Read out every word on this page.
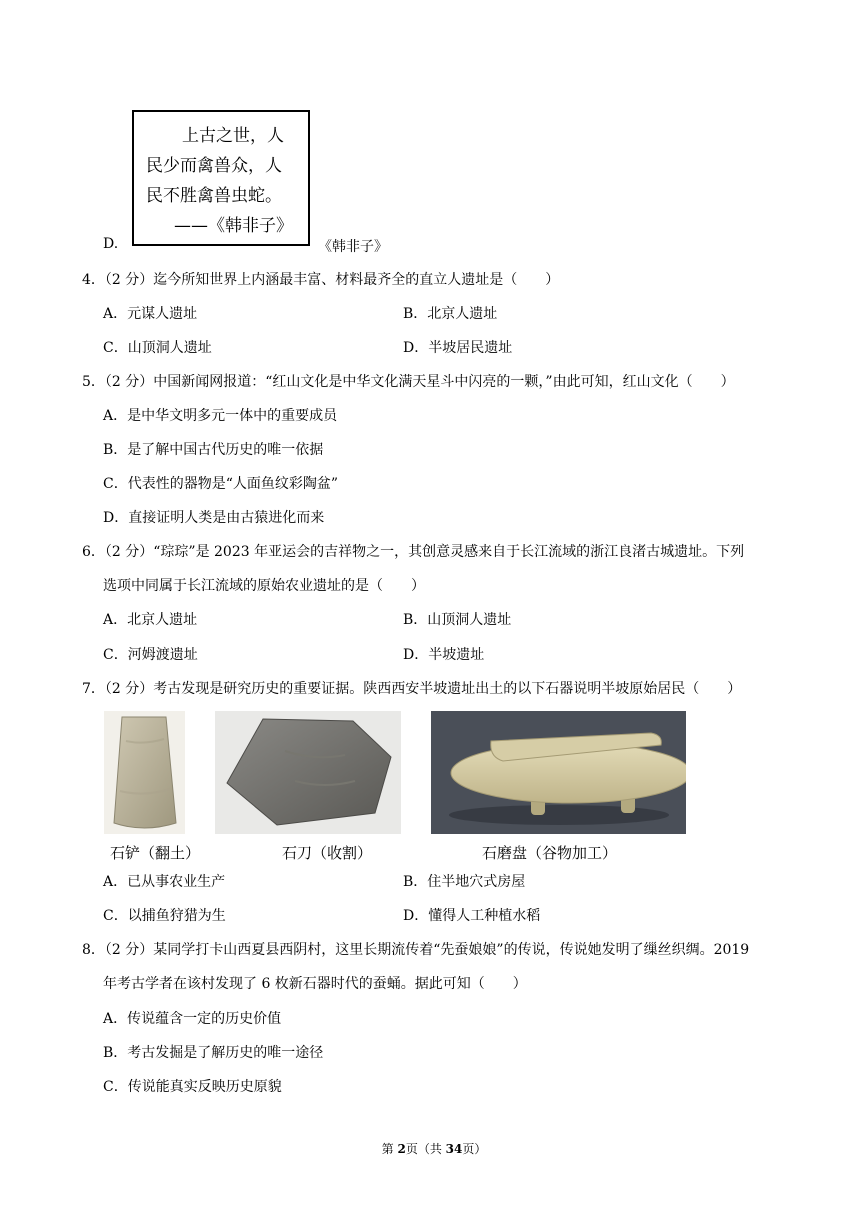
D.
上古之世，人
民少而禽兽众，人
民不胜禽兽虫蛇。
——《韩非子》
《韩非子》
4．（2 分）迄今所知世界上内涵最丰富、材料最齐全的直立人遗址是（　　）
A．元谋人遗址	B．北京人遗址
C．山顶洞人遗址	D．半坡居民遗址
5．（2 分）中国新闻网报道：“红山文化是中华文化满天星斗中闪亮的一颗，”由此可知，红山文化（　　）
A．是中华文明多元一体中的重要成员
B．是了解中国古代历史的唯一依据
C．代表性的器物是“人面鱼纹彩陶盆”
D．直接证明人类是由古猿进化而来
6．（2 分）“琮琮”是 2023 年亚运会的吉祥物之一，其创意灵感来自于长江流域的浙江良渚古城遗址。下列
选项中同属于长江流域的原始农业遗址的是（　　）
A．北京人遗址	B．山顶洞人遗址
C．河姆渡遗址	D．半坡遗址
7．（2 分）考古发现是研究历史的重要证据。陕西西安半坡遗址出土的以下石器说明半坡原始居民（　　）
石铲（翻土）	石刀（收割）	石磨盘（谷物加工）
A．已从事农业生产	B．住半地穴式房屋
C．以捕鱼狩猎为生	D．懂得人工种植水稻
8．（2 分）某同学打卡山西夏县西阴村，这里长期流传着“先蚕娘娘”的传说，传说她发明了缫丝织绸。2019
年考古学者在该村发现了 6 枚新石器时代的蚕蛹。据此可知（　　）
A．传说蕴含一定的历史价值
B．考古发掘是了解历史的唯一途径
C．传说能真实反映历史原貌
第 2页（共 34页）
